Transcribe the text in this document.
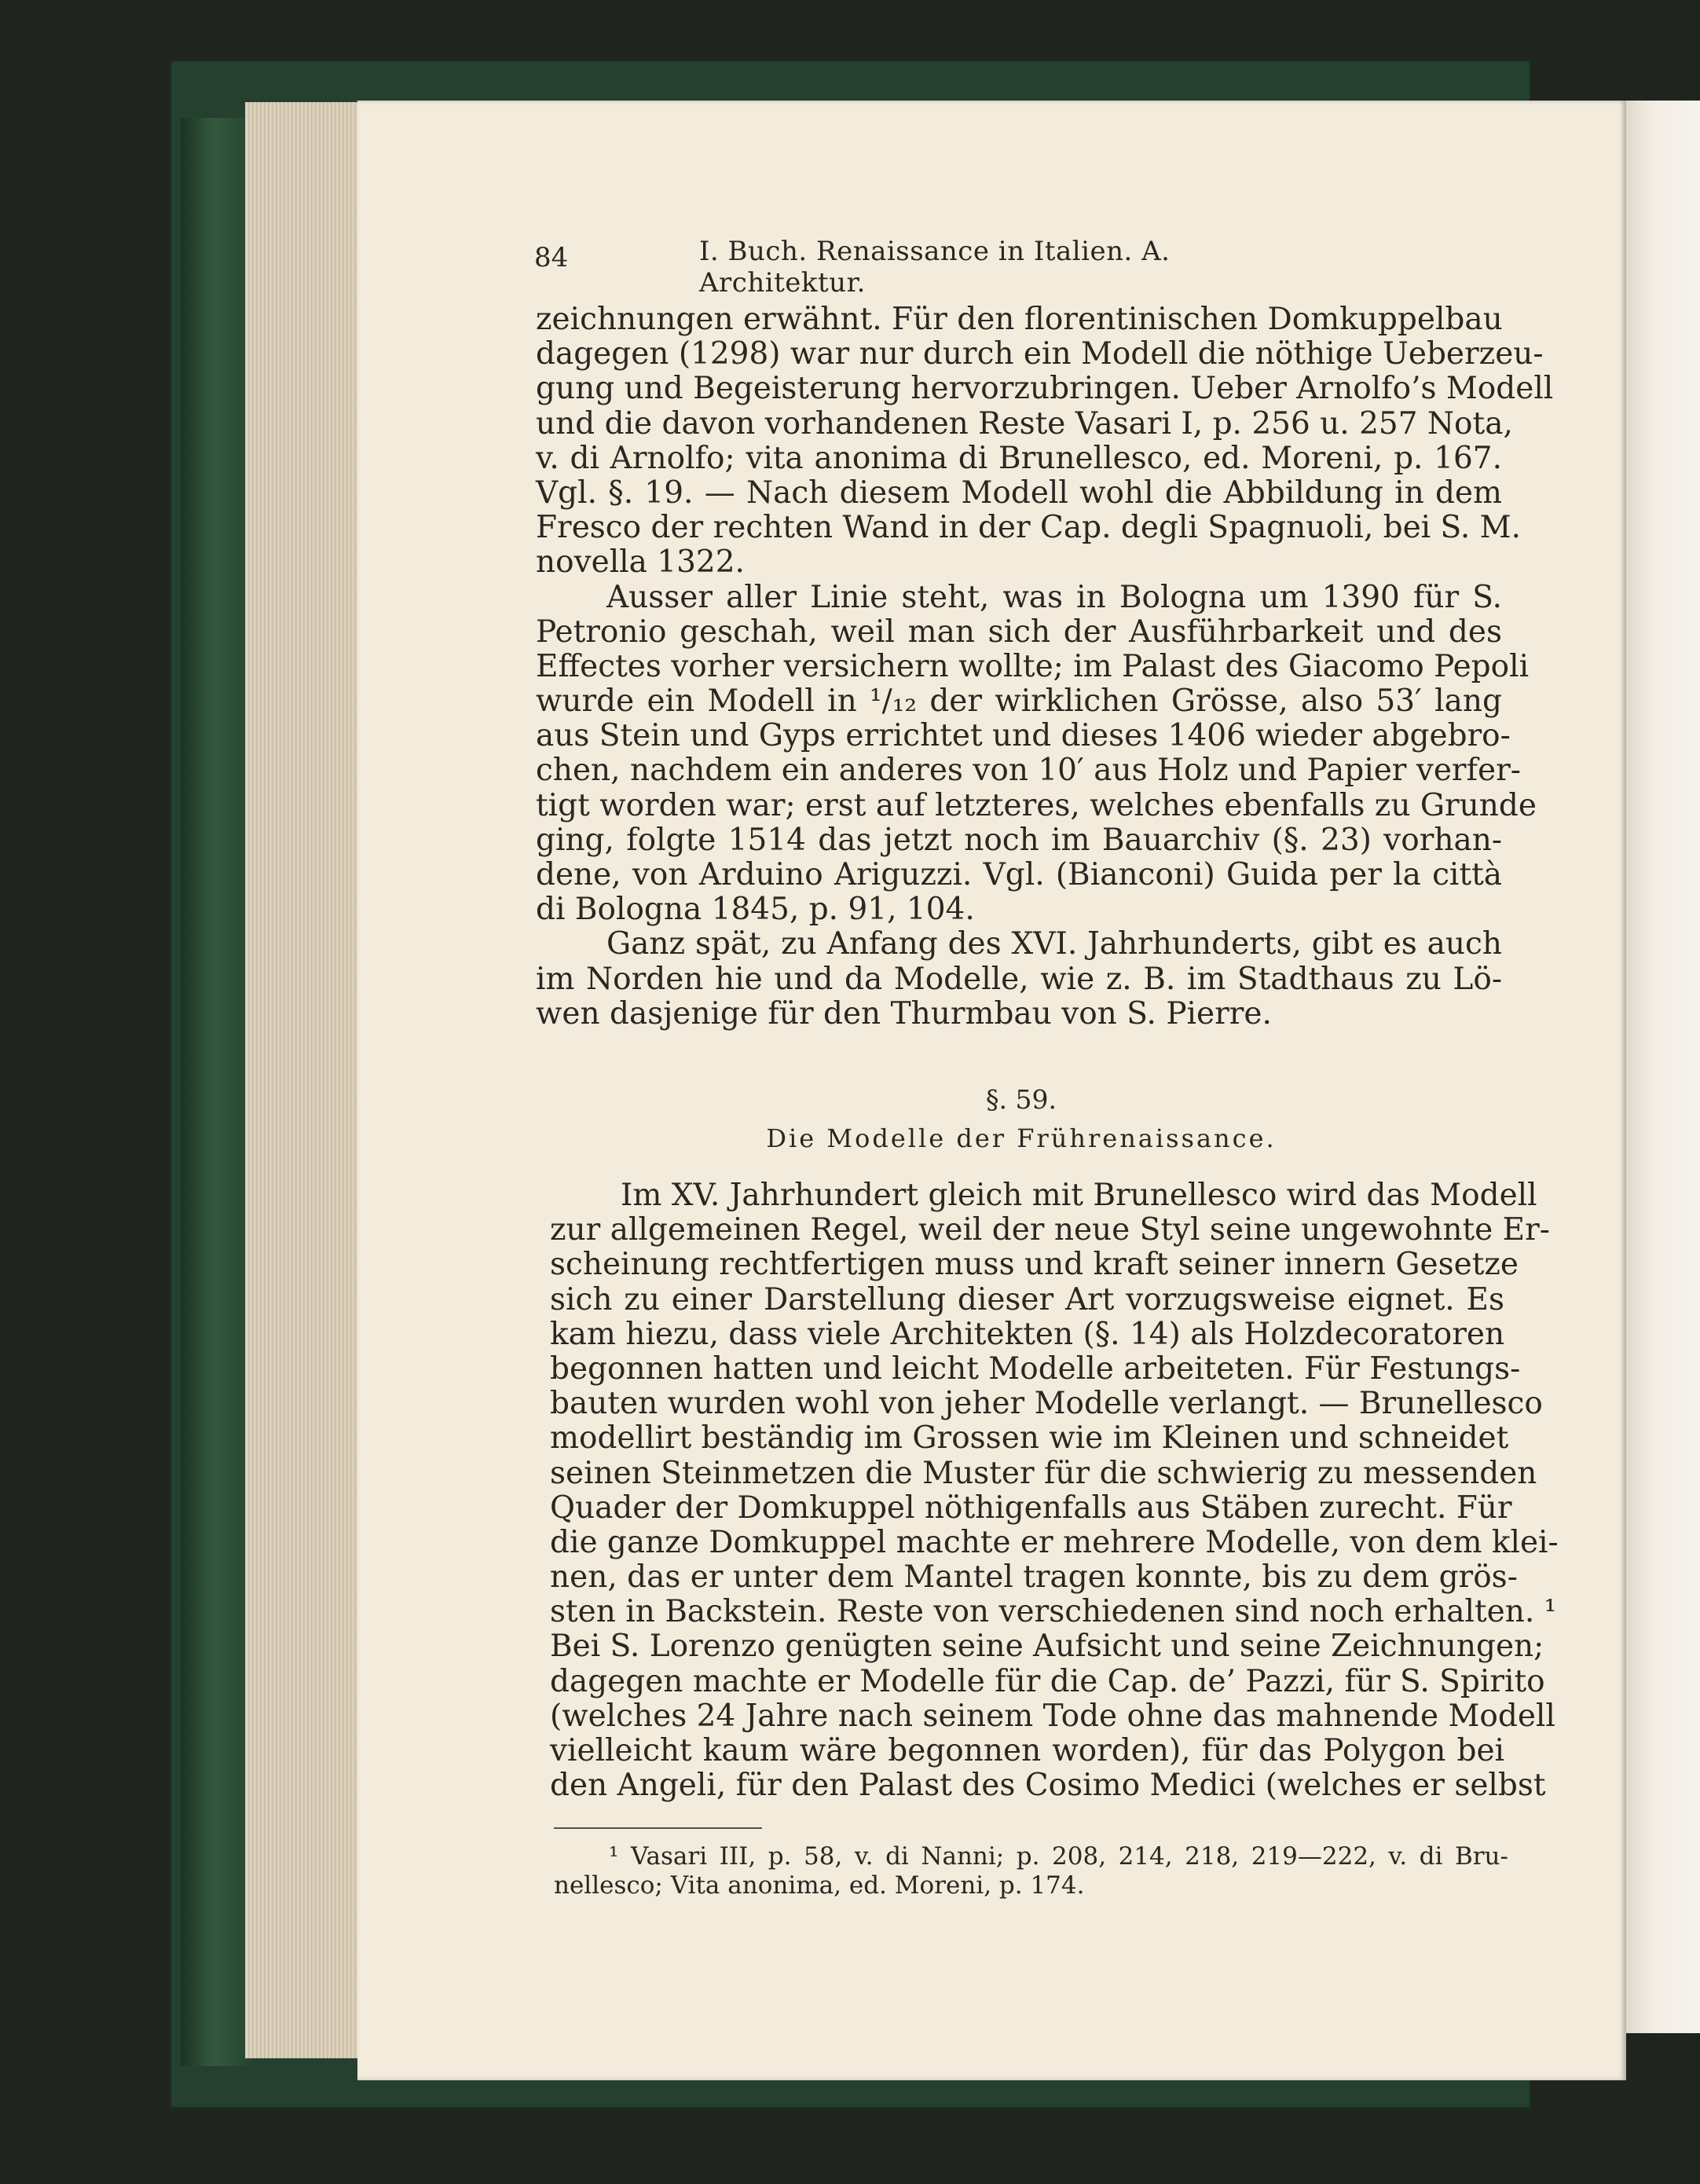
84	I. Buch. Renaissance in Italien. A. Architektur.
zeichnungen erwähnt. Für den florentinischen Domkuppelbau
dagegen (1298) war nur durch ein Modell die nöthige Ueberzeu-
gung und Begeisterung hervorzubringen. Ueber Arnolfo’s Modell
und die davon vorhandenen Reste Vasari I, p. 256 u. 257 Nota,
v. di Arnolfo; vita anonima di Brunellesco, ed. Moreni, p. 167.
Vgl. §. 19. — Nach diesem Modell wohl die Abbildung in dem
Fresco der rechten Wand in der Cap. degli Spagnuoli, bei S. M.
novella 1322.
Ausser aller Linie steht, was in Bologna um 1390 für S.
Petronio geschah, weil man sich der Ausführbarkeit und des
Effectes vorher versichern wollte; im Palast des Giacomo Pepoli
wurde ein Modell in ¹/₁₂ der wirklichen Grösse, also 53′ lang
aus Stein und Gyps errichtet und dieses 1406 wieder abgebro-
chen, nachdem ein anderes von 10′ aus Holz und Papier verfer-
tigt worden war; erst auf letzteres, welches ebenfalls zu Grunde
ging, folgte 1514 das jetzt noch im Bauarchiv (§. 23) vorhan-
dene, von Arduino Ariguzzi. Vgl. (Bianconi) Guida per la città
di Bologna 1845, p. 91, 104.
Ganz spät, zu Anfang des XVI. Jahrhunderts, gibt es auch
im Norden hie und da Modelle, wie z. B. im Stadthaus zu Lö-
wen dasjenige für den Thurmbau von S. Pierre.
§. 59.
Die Modelle der Frührenaissance.
Im XV. Jahrhundert gleich mit Brunellesco wird das Modell
zur allgemeinen Regel, weil der neue Styl seine ungewohnte Er-
scheinung rechtfertigen muss und kraft seiner innern Gesetze
sich zu einer Darstellung dieser Art vorzugsweise eignet. Es
kam hiezu, dass viele Architekten (§. 14) als Holzdecoratoren
begonnen hatten und leicht Modelle arbeiteten. Für Festungs-
bauten wurden wohl von jeher Modelle verlangt. — Brunellesco
modellirt beständig im Grossen wie im Kleinen und schneidet
seinen Steinmetzen die Muster für die schwierig zu messenden
Quader der Domkuppel nöthigenfalls aus Stäben zurecht. Für
die ganze Domkuppel machte er mehrere Modelle, von dem klei-
nen, das er unter dem Mantel tragen konnte, bis zu dem grös-
sten in Backstein. Reste von verschiedenen sind noch erhalten. ¹
Bei S. Lorenzo genügten seine Aufsicht und seine Zeichnungen;
dagegen machte er Modelle für die Cap. de’ Pazzi, für S. Spirito
(welches 24 Jahre nach seinem Tode ohne das mahnende Modell
vielleicht kaum wäre begonnen worden), für das Polygon bei
den Angeli, für den Palast des Cosimo Medici (welches er selbst
¹ Vasari III, p. 58, v. di Nanni; p. 208, 214, 218, 219—222, v. di Bru-
nellesco; Vita anonima, ed. Moreni, p. 174.
